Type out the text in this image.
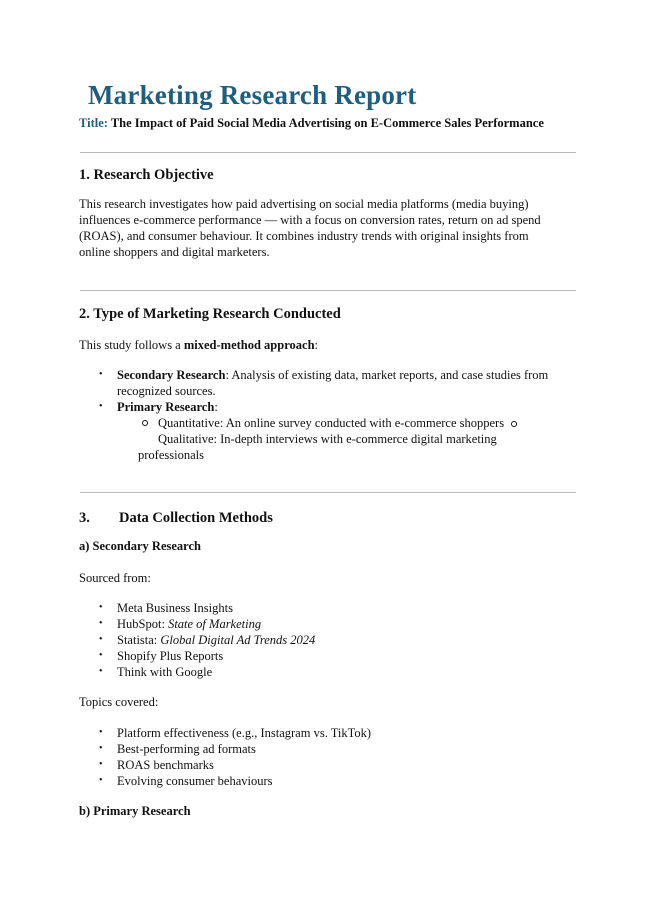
Marketing Research Report
Title: The Impact of Paid Social Media Advertising on E-Commerce Sales Performance
1. Research Objective

This research investigates how paid advertising on social media platforms (media buying)

influences e-commerce performance — with a focus on conversion rates, return on ad spend

(ROAS), and consumer behaviour. It combines industry trends with original insights from

online shoppers and digital marketers.

2. Type of Marketing Research Conducted

This study follows a mixed-method approach:

• Secondary Research: Analysis of existing data, market reports, and case studies from
recognized sources.
• Primary Research:
Quantitative: An online survey conducted with e-commerce shoppers
Qualitative: In-depth interviews with e-commerce digital marketing
professionals
3. Data Collection Methods
a) Secondary Research

Sourced from:

• Meta Business Insights
• HubSpot: State of Marketing
• Statista: Global Digital Ad Trends 2024
• Shopify Plus Reports
• Think with Google

Topics covered:

• Platform effectiveness (e.g., Instagram vs. TikTok)
• Best-performing ad formats
• ROAS benchmarks
• Evolving consumer behaviours
b) Primary Research
